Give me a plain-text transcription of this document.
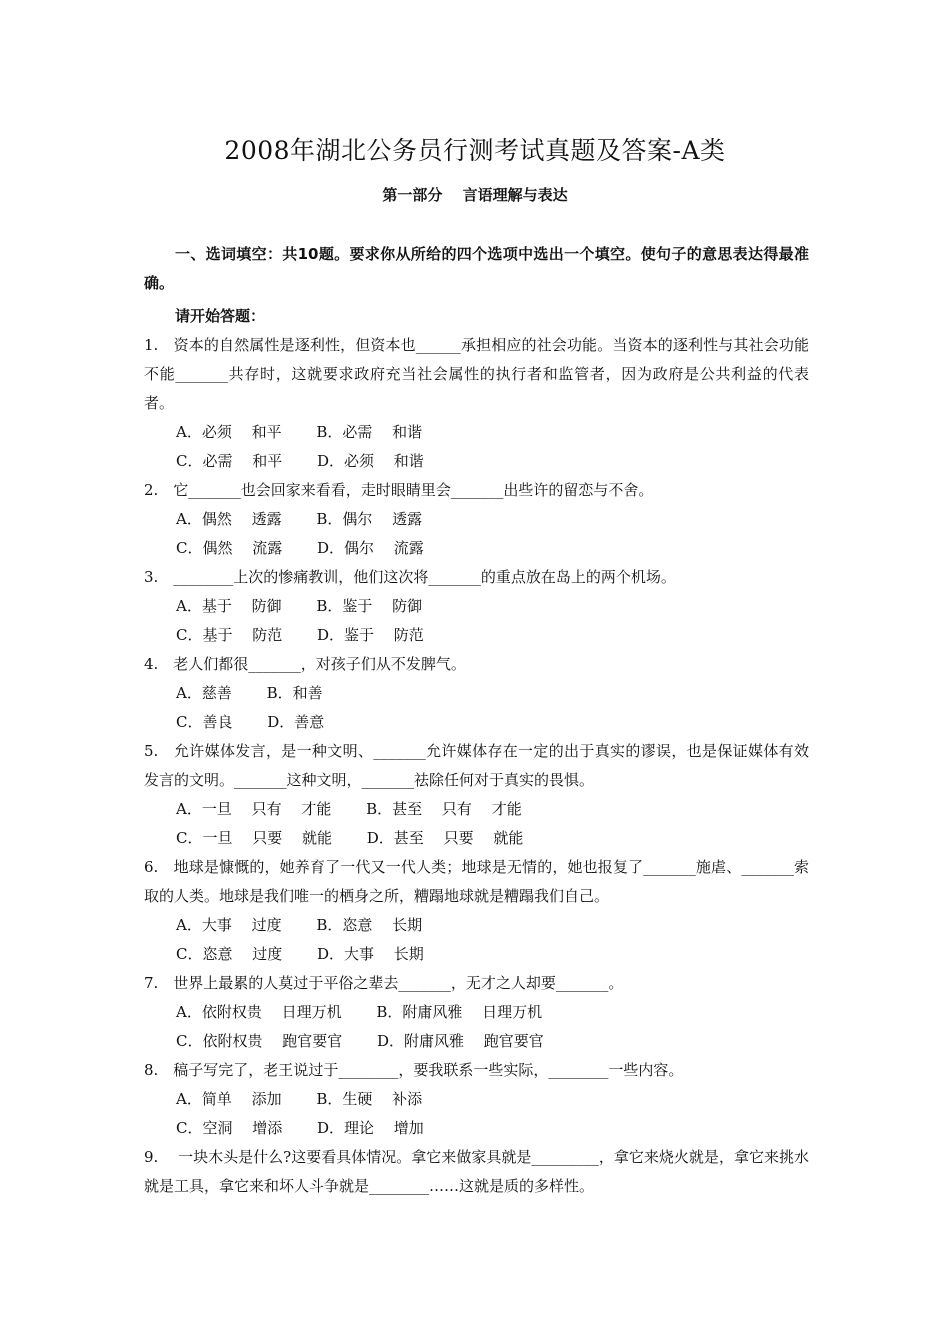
2008年湖北公务员行测考试真题及答案-A类
第一部分　 言语理解与表达
一、选词填空：共10题。要求你从所给的四个选项中选出一个填空。使句子的意思表达得最准确。
请开始答题：
1.　资本的自然属性是逐利性，但资本也______承担相应的社会功能。当资本的逐利性与其社会功能不能_______共存时，这就要求政府充当社会属性的执行者和监管者，因为政府是公共利益的代表者。
A．必须　 和平 　　B．必需　 和谐
C．必需　 和平 　　D．必须　 和谐
2.　它_______也会回家来看看，走时眼睛里会_______出些许的留恋与不舍。
A．偶然　 透露 　　B．偶尔　 透露
C．偶然　 流露 　　D．偶尔　 流露
3.　________上次的惨痛教训，他们这次将_______的重点放在岛上的两个机场。
A．基于　 防御 　　B．鉴于　 防御
C．基于　 防范 　　D．鉴于　 防范
4.　老人们都很_______，对孩子们从不发脾气。
A．慈善 　　B．和善
C．善良 　　D．善意
5.　允许媒体发言，是一种文明、_______允许媒体存在一定的出于真实的谬误，也是保证媒体有效发言的文明。_______这种文明，_______祛除任何对于真实的畏惧。
A．一旦　 只有　 才能 　　B．甚至　 只有　 才能
C．一旦　 只要　 就能 　　D．甚至　 只要　 就能
6.　地球是慷慨的，她养育了一代又一代人类；地球是无情的，她也报复了_______施虐、_______索取的人类。地球是我们唯一的栖身之所，糟蹋地球就是糟蹋我们自己。
A．大事　 过度 　　B．恣意　 长期
C．恣意　 过度 　　D．大事　 长期
7.　世界上最累的人莫过于平俗之辈去_______，无才之人却要_______。
A．依附权贵　 日理万机 　　B．附庸风雅　 日理万机
C．依附权贵　 跑官要官 　　D．附庸风雅　 跑官要官
8.　稿子写完了，老王说过于________，要我联系一些实际，________一些内容。
A．简单　 添加 　　B．生硬　 补添
C．空洞　 增添 　　D．理论　 增加
9.　 一块木头是什么?这要看具体情况。拿它来做家具就是_________，拿它来烧火就是，拿它来挑水就是工具，拿它来和坏人斗争就是________……这就是质的多样性。
